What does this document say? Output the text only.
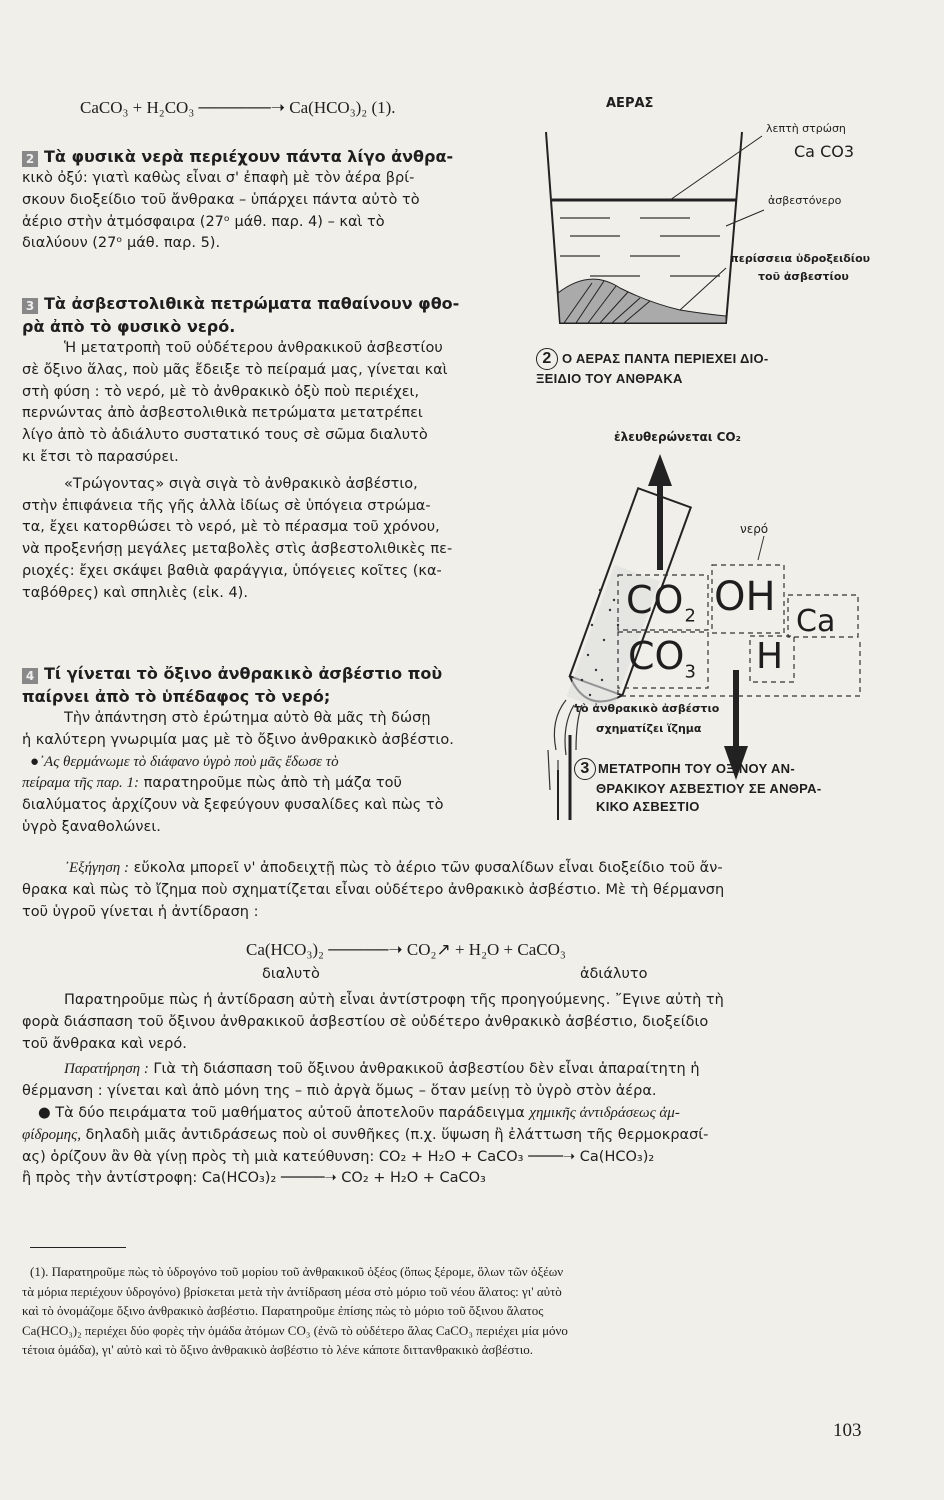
CaCO₃ + H₂CO₃ ──────➝ Ca(HCO₃)₂ (1).
2 Τὰ φυσικὰ νερὰ περιέχουν πάντα λίγο ἀνθρα-
κικὸ ὀξύ: γιατὶ καθὼς εἶναι σ' ἐπαφὴ μὲ τὸν ἀέρα βρί-
σκουν διοξείδιο τοῦ ἄνθρακα – ὑπάρχει πάντα αὐτὸ τὸ
ἀέριο στὴν ἀτμόσφαιρα (27ᵒ μάθ. παρ. 4) – καὶ τὸ
διαλύουν (27ᵒ μάθ. παρ. 5).
3 Τὰ ἀσβεστολιθικὰ πετρώματα παθαίνουν φθο-
ρὰ ἀπὸ τὸ φυσικὸ νερό.
Ἡ μετατροπὴ τοῦ οὐδέτερου ἀνθρακικοῦ ἀσβεστίου
σὲ ὄξινο ἅλας, ποὺ μᾶς ἔδειξε τὸ πείραμά μας, γίνεται καὶ
στὴ φύση : τὸ νερό, μὲ τὸ ἀνθρακικὸ ὀξὺ ποὺ περιέχει,
περνώντας ἀπὸ ἀσβεστολιθικὰ πετρώματα μετατρέπει
λίγο ἀπὸ τὸ ἀδιάλυτο συστατικό τους σὲ σῶμα διαλυτὸ
κι ἔτσι τὸ παρασύρει.
«Τρώγοντας» σιγὰ σιγὰ τὸ ἀνθρακικὸ ἀσβέστιο,
στὴν ἐπιφάνεια τῆς γῆς ἀλλὰ ἰδίως σὲ ὑπόγεια στρώμα-
τα, ἔχει κατορθώσει τὸ νερό, μὲ τὸ πέρασμα τοῦ χρόνου,
νὰ προξενήσῃ μεγάλες μεταβολὲς στὶς ἀσβεστολιθικὲς πε-
ριοχές: ἔχει σκάψει βαθιὰ φαράγγια, ὑπόγειες κοῖτες (κα-
ταβόθρες) καὶ σπηλιὲς (εἰκ. 4).
4 Τί γίνεται τὸ ὄξινο ἀνθρακικὸ ἀσβέστιο ποὺ
παίρνει ἀπὸ τὸ ὑπέδαφος τὸ νερό;
Τὴν ἀπάντηση στὸ ἐρώτημα αὐτὸ θὰ μᾶς τὴ δώσῃ
ἡ καλύτερη γνωριμία μας μὲ τὸ ὄξινο ἀνθρακικὸ ἀσβέστιο.
●᾿Ας θερμάνωμε τὸ διάφανο ὑγρὸ ποὺ μᾶς ἔδωσε τὸ
πείραμα τῆς παρ. 1: παρατηροῦμε πὼς ἀπὸ τὴ μάζα τοῦ
διαλύματος ἀρχίζουν νὰ ξεφεύγουν φυσαλίδες καὶ πὼς τὸ
ὑγρὸ ξαναθολώνει.
᾿Εξήγηση : εὔκολα μπορεῖ ν' ἀποδειχτῇ πὼς τὸ ἀέριο τῶν φυσαλίδων εἶναι διοξείδιο τοῦ ἄν-
θρακα καὶ πὼς τὸ ἴζημα ποὺ σχηματίζεται εἶναι οὐδέτερο ἀνθρακικὸ ἀσβέστιο. Μὲ τὴ θέρμανση
τοῦ ὑγροῦ γίνεται ἡ ἀντίδραση :
Ca(HCO₃)₂ ─────➝ CO₂↗ + H₂O + CaCO₃
διαλυτὸ	ἀδιάλυτο
Παρατηροῦμε πὼς ἡ ἀντίδραση αὐτὴ εἶναι ἀντίστροφη τῆς προηγούμενης. ῎Εγινε αὐτὴ τὴ
φορὰ διάσπαση τοῦ ὄξινου ἀνθρακικοῦ ἀσβεστίου σὲ οὐδέτερο ἀνθρακικὸ ἀσβέστιο, διοξείδιο
τοῦ ἄνθρακα καὶ νερό.
Παρατήρηση : Γιὰ τὴ διάσπαση τοῦ ὄξινου ἀνθρακικοῦ ἀσβεστίου δὲν εἶναι ἀπαραίτητη ἡ
θέρμανση : γίνεται καὶ ἀπὸ μόνη της – πιὸ ἀργὰ ὅμως – ὅταν μείνῃ τὸ ὑγρὸ στὸν ἀέρα.
● Τὰ δύο πειράματα τοῦ μαθήματος αὐτοῦ ἀποτελοῦν παράδειγμα χημικῆς ἀντιδράσεως ἀμ-
φίδρομης, δηλαδὴ μιᾶς ἀντιδράσεως ποὺ οἱ συνθῆκες (π.χ. ὕψωση ἢ ἐλάττωση τῆς θερμοκρασί-
ας) ὁρίζουν ἂν θὰ γίνῃ πρὸς τὴ μιὰ κατεύθυνση: CO₂ + H₂O + CaCO₃ ────➝ Ca(HCO₃)₂
ἢ πρὸς τὴν ἀντίστροφη: Ca(HCO₃)₂ ─────➝ CO₂ + H₂O + CaCO₃
(1). Παρατηροῦμε πὼς τὸ ὑδρογόνο τοῦ μορίου τοῦ ἀνθρακικοῦ ὀξέος (ὅπως ξέρομε, ὅλων τῶν ὀξέων
τὰ μόρια περιέχουν ὑδρογόνο) βρίσκεται μετὰ τὴν ἀντίδραση μέσα στὸ μόριο τοῦ νέου ἅλατος: γι' αὐτὸ
καὶ τὸ ὀνομάζομε ὄξινο ἀνθρακικὸ ἀσβέστιο. Παρατηροῦμε ἐπίσης πὼς τὸ μόριο τοῦ ὄξινου ἅλατος
Ca(HCO₃)₂ περιέχει δύο φορὲς τὴν ὁμάδα ἀτόμων CO₃ (ἐνῶ τὸ οὐδέτερο ἅλας CaCO₃ περιέχει μία μόνο
τέτοια ὁμάδα), γι' αὐτὸ καὶ τὸ ὄξινο ἀνθρακικὸ ἀσβέστιο τὸ λένε κάποτε διττανθρακικὸ ἀσβέστιο.
103
ΑΕΡΑΣ
λεπτὴ στρώση
Ca CO3
ἀσβεστόνερο
περίσσεια ὑδροξειδίου
τοῦ ἀσβεστίου
2 Ο ΑΕΡΑΣ ΠΑΝΤΑ ΠΕΡΙΕΧΕΙ ΔΙΟ-
ΞΕΙΔΙΟ ΤΟΥ ΑΝΘΡΑΚΑ
ἐλευθερώνεται CO₂
νερό
$CO_2$ OH
Ca
$CO_3$ H
τὸ ἀνθρακικὸ ἀσβέστιο
σχηματίζει ἵζημα
3 ΜΕΤΑΤΡΟΠΗ ΤΟΥ ΟΞΙΝΟΥ ΑΝ-
ΘΡΑΚΙΚΟΥ ΑΣΒΕΣΤΙΟΥ ΣΕ ΑΝΘΡΑ-
ΚΙΚΟ ΑΣΒΕΣΤΙΟ
